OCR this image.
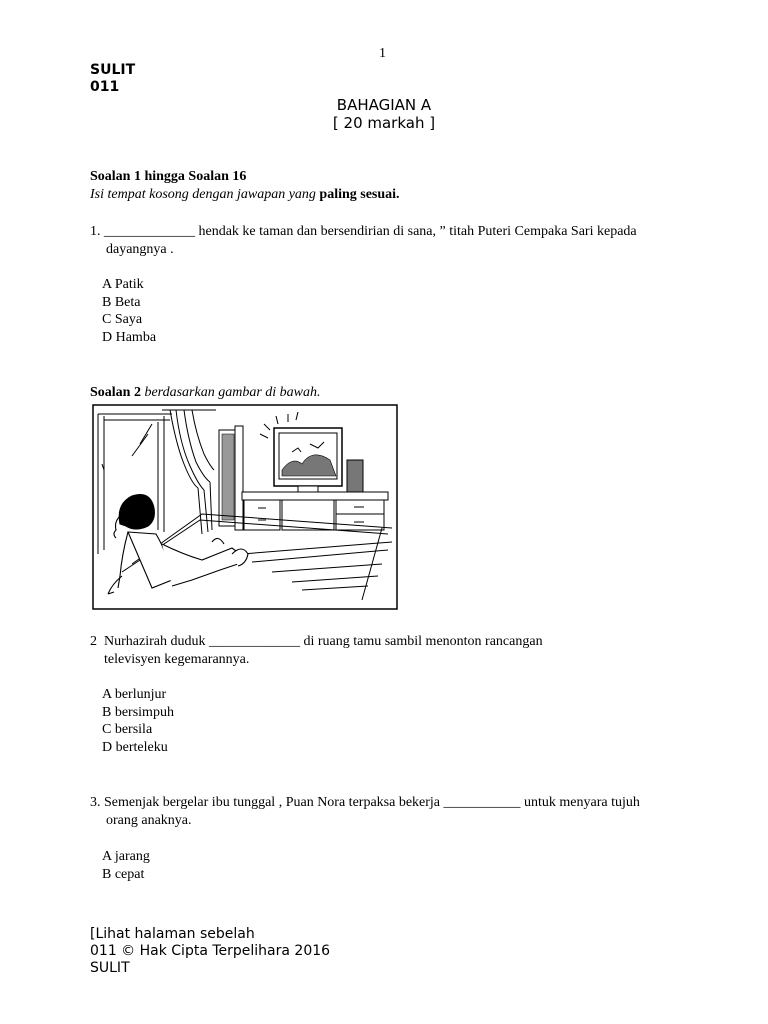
1
SULIT
011
BAHAGIAN A
[ 20 markah ]
Soalan 1 hingga Soalan 16
Isi tempat kosong dengan jawapan yang paling sesuai.
1. _____________ hendak ke taman dan bersendirian di sana, ” titah Puteri Cempaka Sari kepada
dayangnya .
A Patik
B Beta
C Saya
D Hamba
Soalan 2 berdasarkan gambar di bawah.
2 Nurhazirah duduk _____________ di ruang tamu sambil menonton rancangan
televisyen kegemarannya.
A berlunjur
B bersimpuh
C bersila
D berteleku
3. Semenjak bergelar ibu tunggal , Puan Nora terpaksa bekerja ___________ untuk menyara tujuh
orang anaknya.
A jarang
B cepat
[Lihat halaman sebelah
011 © Hak Cipta Terpelihara 2016
SULIT
